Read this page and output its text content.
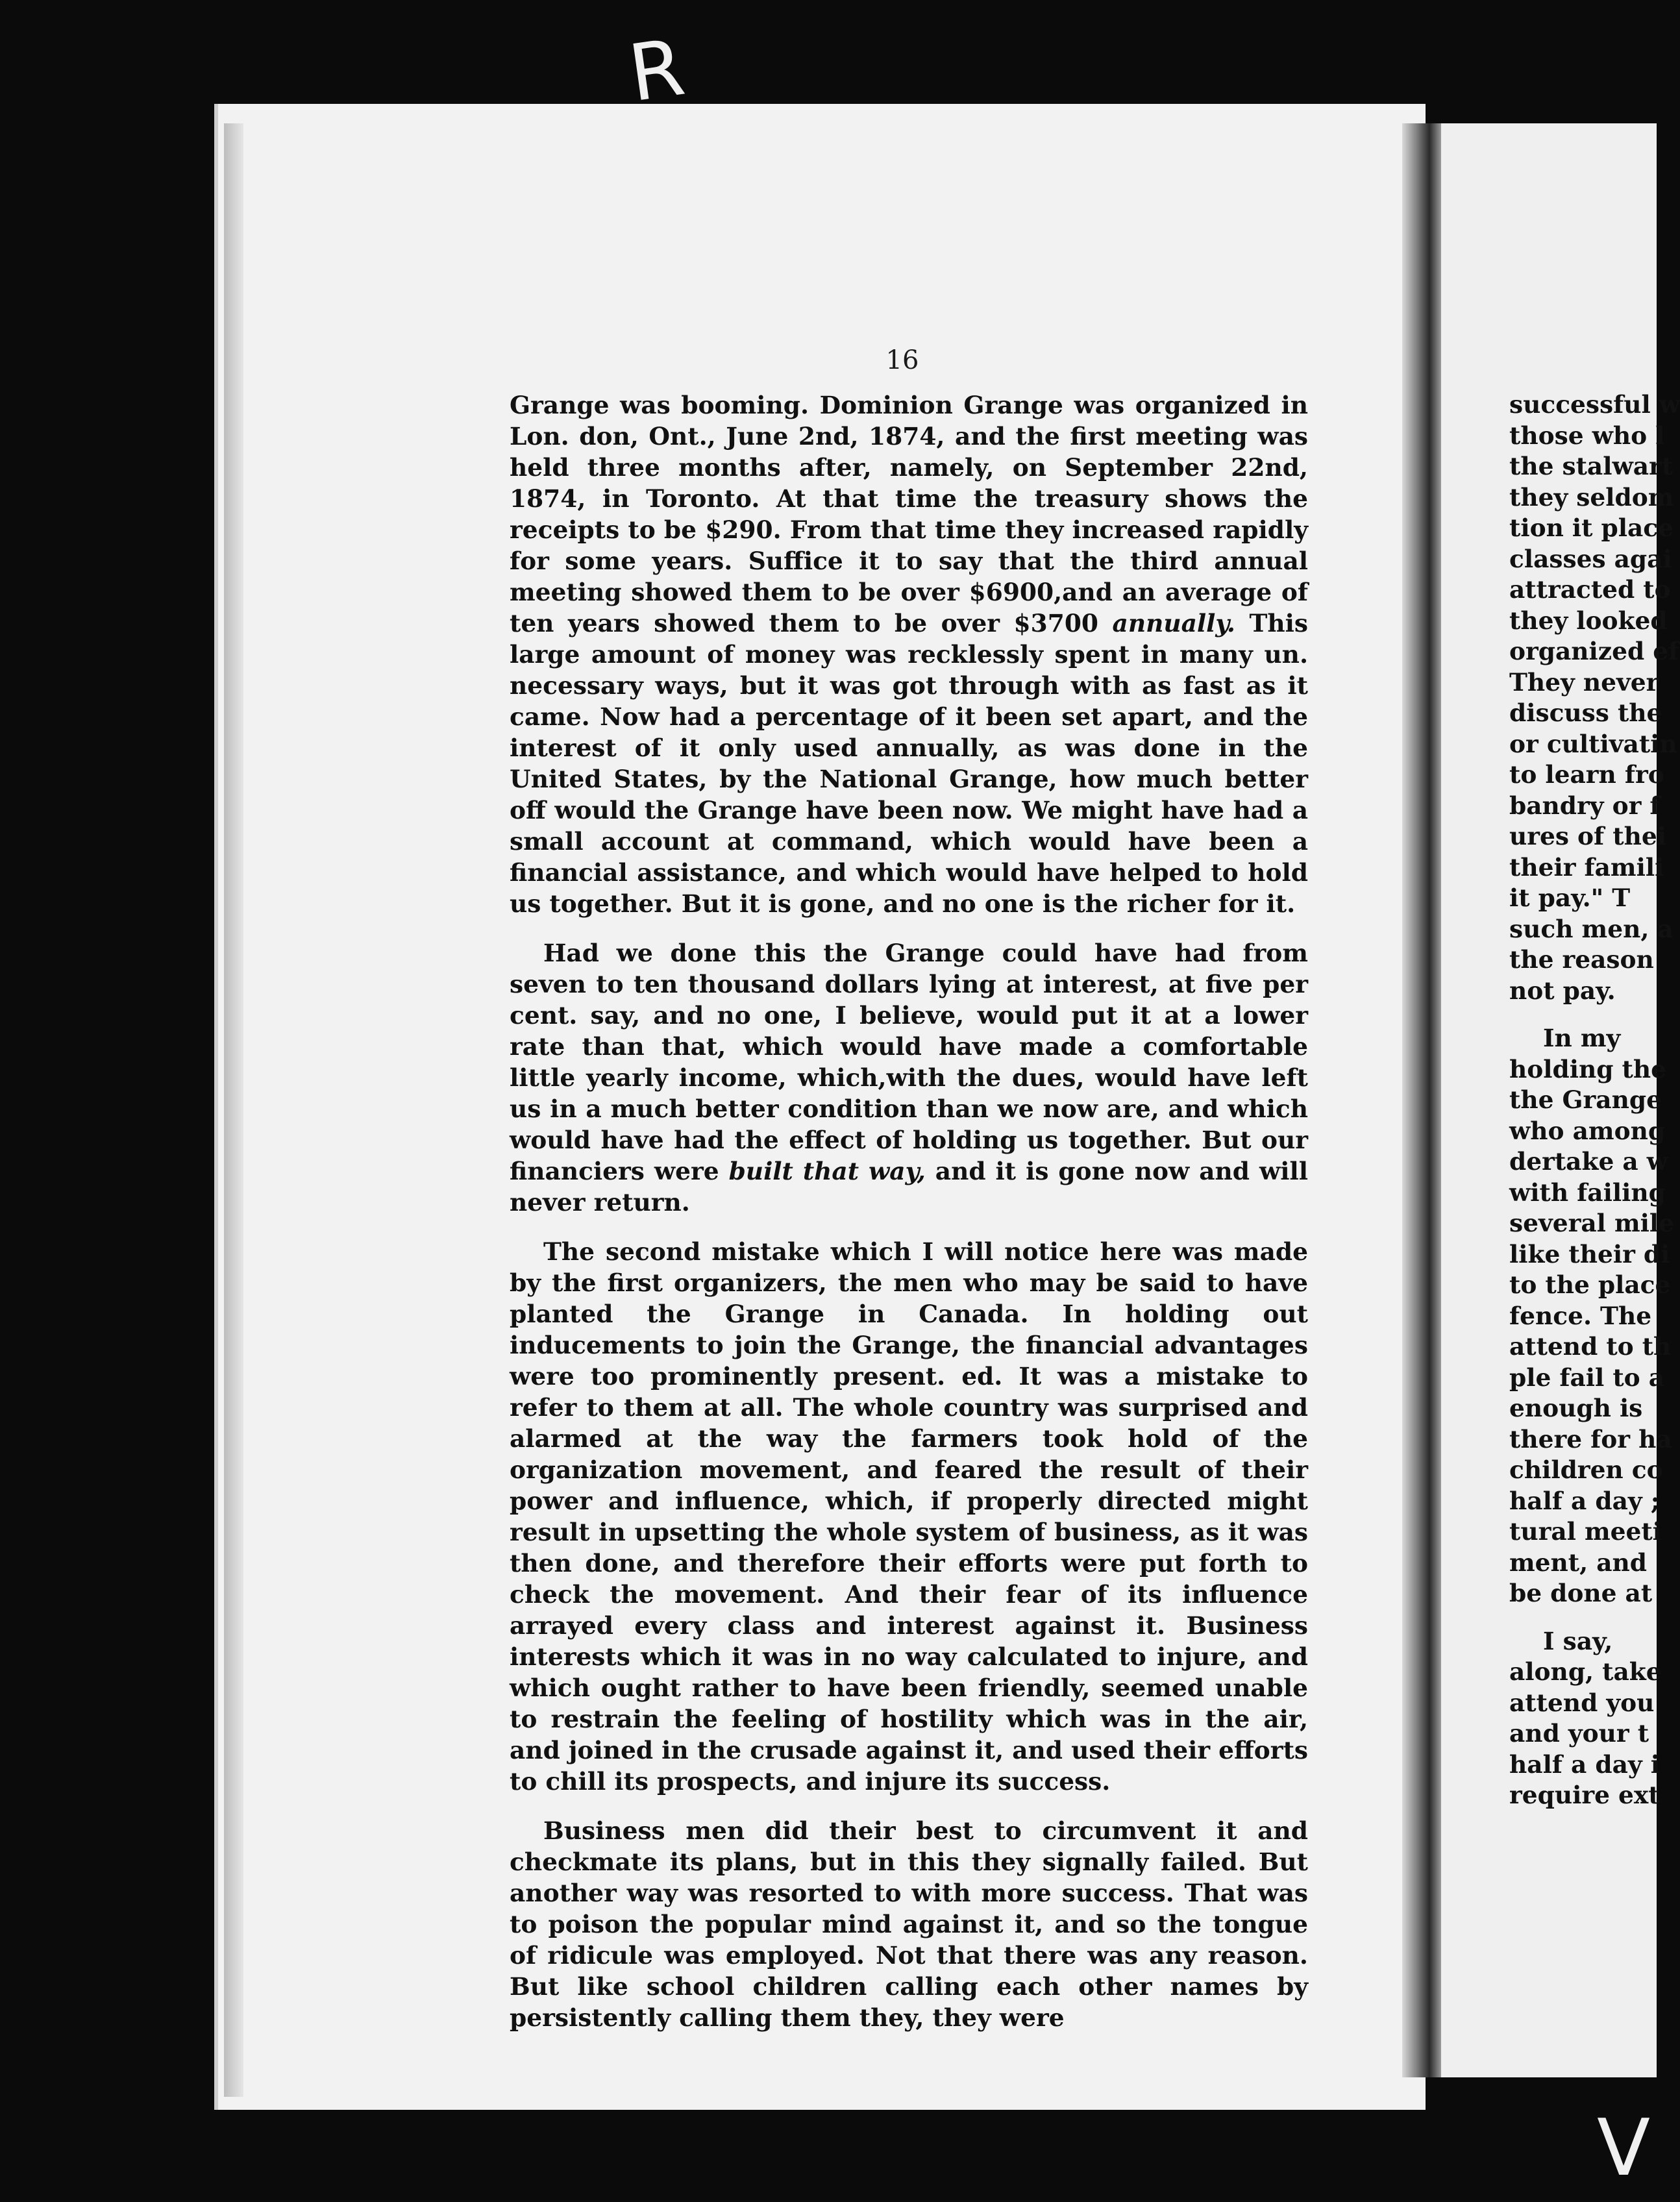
R
V
16

Grange was booming. Dominion Grange was organized in Lon. don, Ont., June 2nd, 1874, and the first meeting was held three months after, namely, on September 22nd, 1874, in Toronto. At that time the treasury shows the receipts to be $290. From that time they increased rapidly for some years. Suffice it to say that the third annual meeting showed them to be over $6900,and an average of ten years showed them to be over $3700 annually. This large amount of money was recklessly spent in many un. necessary ways, but it was got through with as fast as it came. Now had a percentage of it been set apart, and the interest of it only used annually, as was done in the United States, by the National Grange, how much better off would the Grange have been now. We might have had a small account at command, which would have been a financial assistance, and which would have helped to hold us together. But it is gone, and no one is the richer for it.

Had we done this the Grange could have had from seven to ten thousand dollars lying at interest, at five per cent. say, and no one, I believe, would put it at a lower rate than that, which would have made a comfortable little yearly income, which,with the dues, would have left us in a much better condition than we now are, and which would have had the effect of holding us together. But our financiers were built that way, and it is gone now and will never return.

The second mistake which I will notice here was made by the first organizers, the men who may be said to have planted the Grange in Canada. In holding out inducements to join the Grange, the financial advantages were too prominently present. ed. It was a mistake to refer to them at all. The whole country was surprised and alarmed at the way the farmers took hold of the organization movement, and feared the result of their power and influence, which, if properly directed might result in upsetting the whole system of business, as it was then done, and therefore their efforts were put forth to check the movement. And their fear of its influence arrayed every class and interest against it. Business interests which it was in no way calculated to injure, and which ought rather to have been friendly, seemed unable to restrain the feeling of hostility which was in the air, and joined in the crusade against it, and used their efforts to chill its prospects, and injure its success.

Business men did their best to circumvent it and checkmate its plans, but in this they signally failed. But another way was resorted to with more success. That was to poison the popular mind against it, and so the tongue of ridicule was employed. Not that there was any reason. But like school children calling each other names by persistently calling them they, they were

successful w
those who l
the stalwart
they seldom
tion it place
classes agai
attracted to
they looked
organized ef
They never
discuss the
or cultivatin
to learn fro
bandry or f
ures of thei
their famili
it pay." T
such men, a
the reason
not pay.
In my
holding the
the Grange
who among
dertake a w
with failing
several mile
like their di
to the place
fence. The
attend to th
ple fail to a
enough is
there for ha
children co
half a day ;
tural meeti
ment, and
be done at
I say,
along, take
attend you
and your t
half a day i
require ext
